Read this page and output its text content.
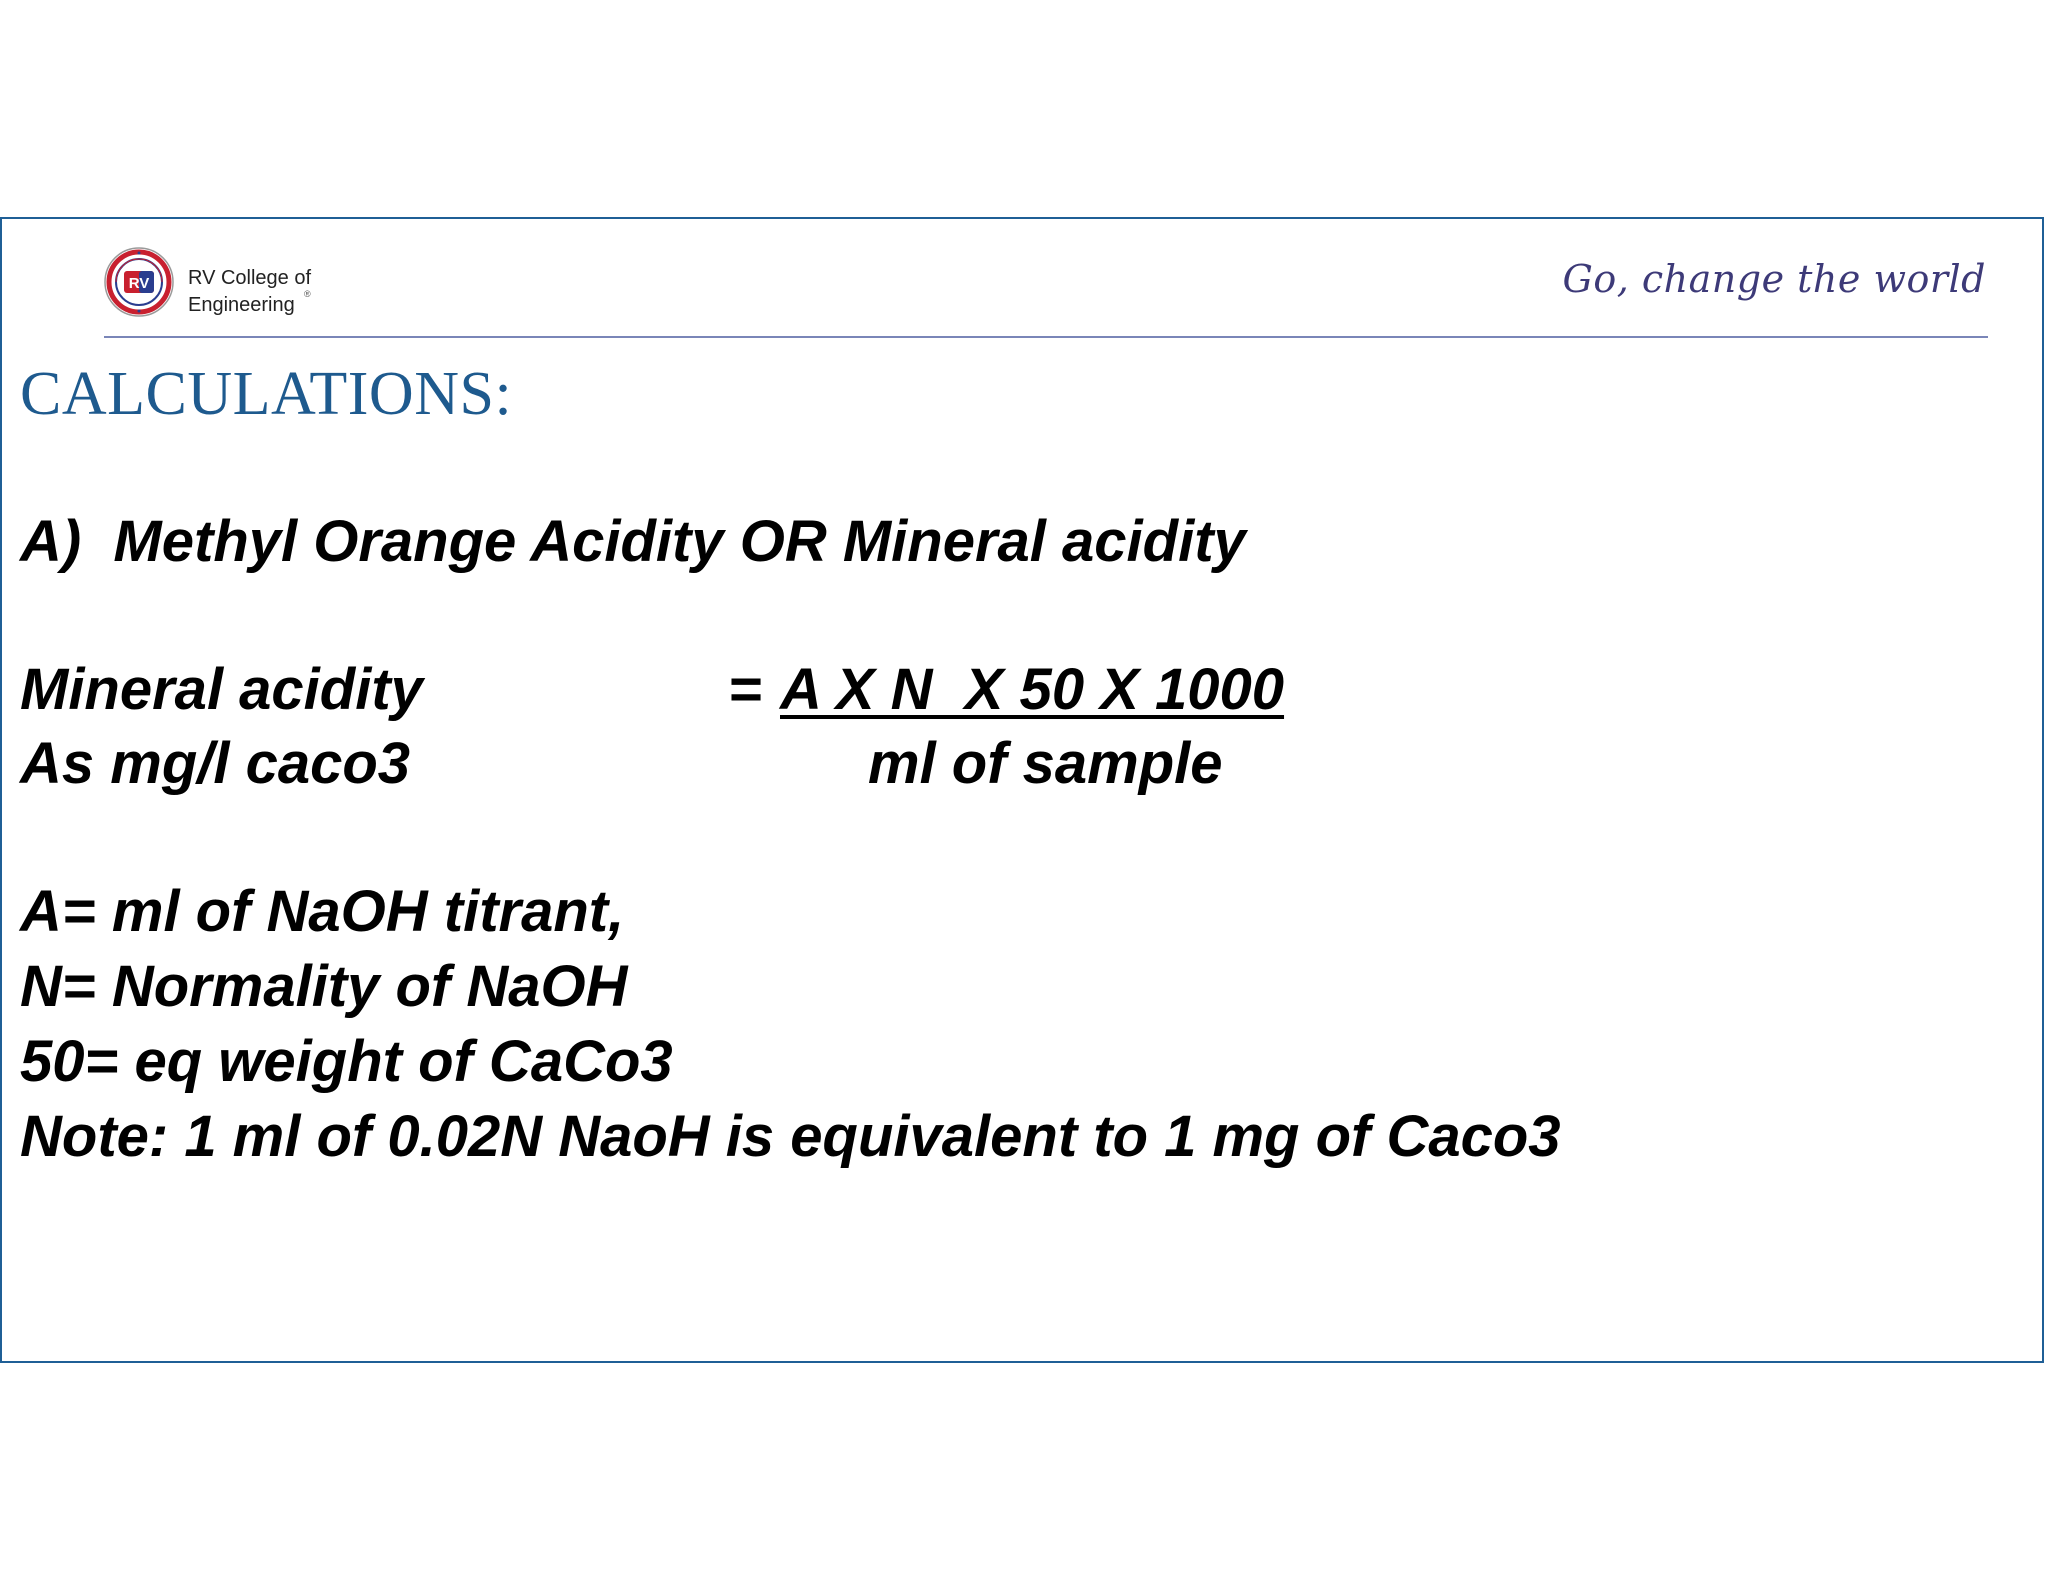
RV RV College of
Engineering	®	Go, change the world
CALCULATIONS:
A)  Methyl Orange Acidity OR Mineral acidity
Mineral acidity
As mg/l caco3
= A X N  X 50 X 1000
ml of sample
A= ml of NaOH titrant,
N= Normality of NaOH
50= eq weight of CaCo3
Note: 1 ml of 0.02N NaoH is equivalent to 1 mg of Caco3
